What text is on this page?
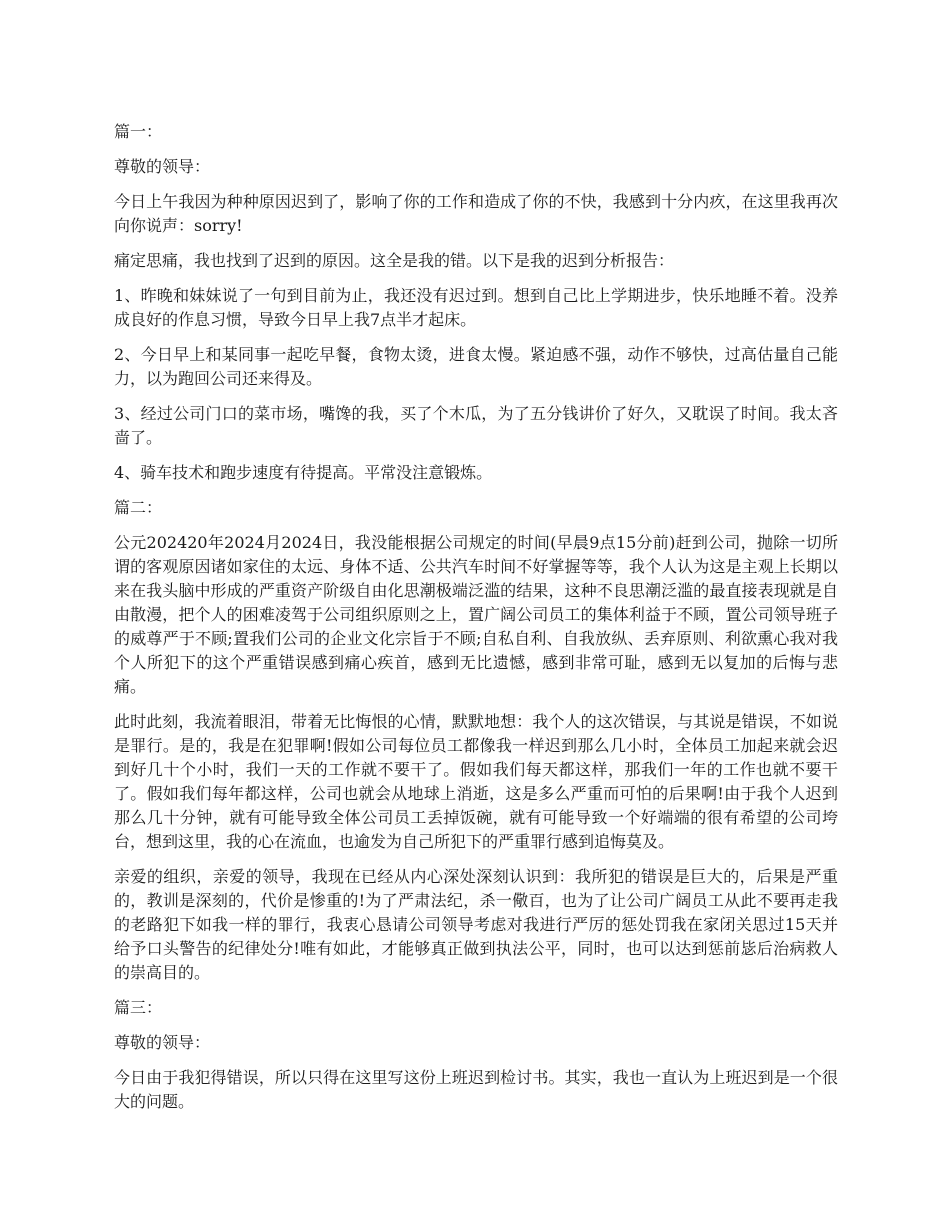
篇一：

尊敬的领导：

今日上午我因为种种原因迟到了，影响了你的工作和造成了你的不快，我感到十分内疚，在这里我再次向你说声：sorry!

痛定思痛，我也找到了迟到的原因。这全是我的错。以下是我的迟到分析报告：

1、昨晚和妹妹说了一句到目前为止，我还没有迟过到。想到自己比上学期进步，快乐地睡不着。没养成良好的作息习惯，导致今日早上我7点半才起床。

2、今日早上和某同事一起吃早餐，食物太烫，进食太慢。紧迫感不强，动作不够快，过高估量自己能力，以为跑回公司还来得及。

3、经过公司门口的菜市场，嘴馋的我，买了个木瓜，为了五分钱讲价了好久，又耽误了时间。我太吝啬了。

4、骑车技术和跑步速度有待提高。平常没注意锻炼。

篇二：

公元202420年2024月2024日，我没能根据公司规定的时间(早晨9点15分前)赶到公司，抛除一切所谓的客观原因诸如家住的太远、身体不适、公共汽车时间不好掌握等等，我个人认为这是主观上长期以来在我头脑中形成的严重资产阶级自由化思潮极端泛滥的结果，这种不良思潮泛滥的最直接表现就是自由散漫，把个人的困难凌驾于公司组织原则之上，置广阔公司员工的集体利益于不顾，置公司领导班子的威尊严于不顾;置我们公司的企业文化宗旨于不顾;自私自利、自我放纵、丢弃原则、利欲熏心我对我个人所犯下的这个严重错误感到痛心疾首，感到无比遗憾，感到非常可耻，感到无以复加的后悔与悲痛。

此时此刻，我流着眼泪，带着无比悔恨的心情，默默地想：我个人的这次错误，与其说是错误，不如说是罪行。是的，我是在犯罪啊!假如公司每位员工都像我一样迟到那么几小时，全体员工加起来就会迟到好几十个小时，我们一天的工作就不要干了。假如我们每天都这样，那我们一年的工作也就不要干了。假如我们每年都这样，公司也就会从地球上消逝，这是多么严重而可怕的后果啊!由于我个人迟到那么几十分钟，就有可能导致全体公司员工丢掉饭碗，就有可能导致一个好端端的很有希望的公司垮台，想到这里，我的心在流血，也逾发为自己所犯下的严重罪行感到追悔莫及。

亲爱的组织，亲爱的领导，我现在已经从内心深处深刻认识到：我所犯的错误是巨大的，后果是严重的，教训是深刻的，代价是惨重的!为了严肃法纪，杀一儆百，也为了让公司广阔员工从此不要再走我的老路犯下如我一样的罪行，我衷心恳请公司领导考虑对我进行严厉的惩处罚我在家闭关思过15天并给予口头警告的纪律处分!唯有如此，才能够真正做到执法公平，同时，也可以达到惩前毖后治病救人的崇高目的。

篇三：

尊敬的领导：

今日由于我犯得错误，所以只得在这里写这份上班迟到检讨书。其实，我也一直认为上班迟到是一个很大的问题。
